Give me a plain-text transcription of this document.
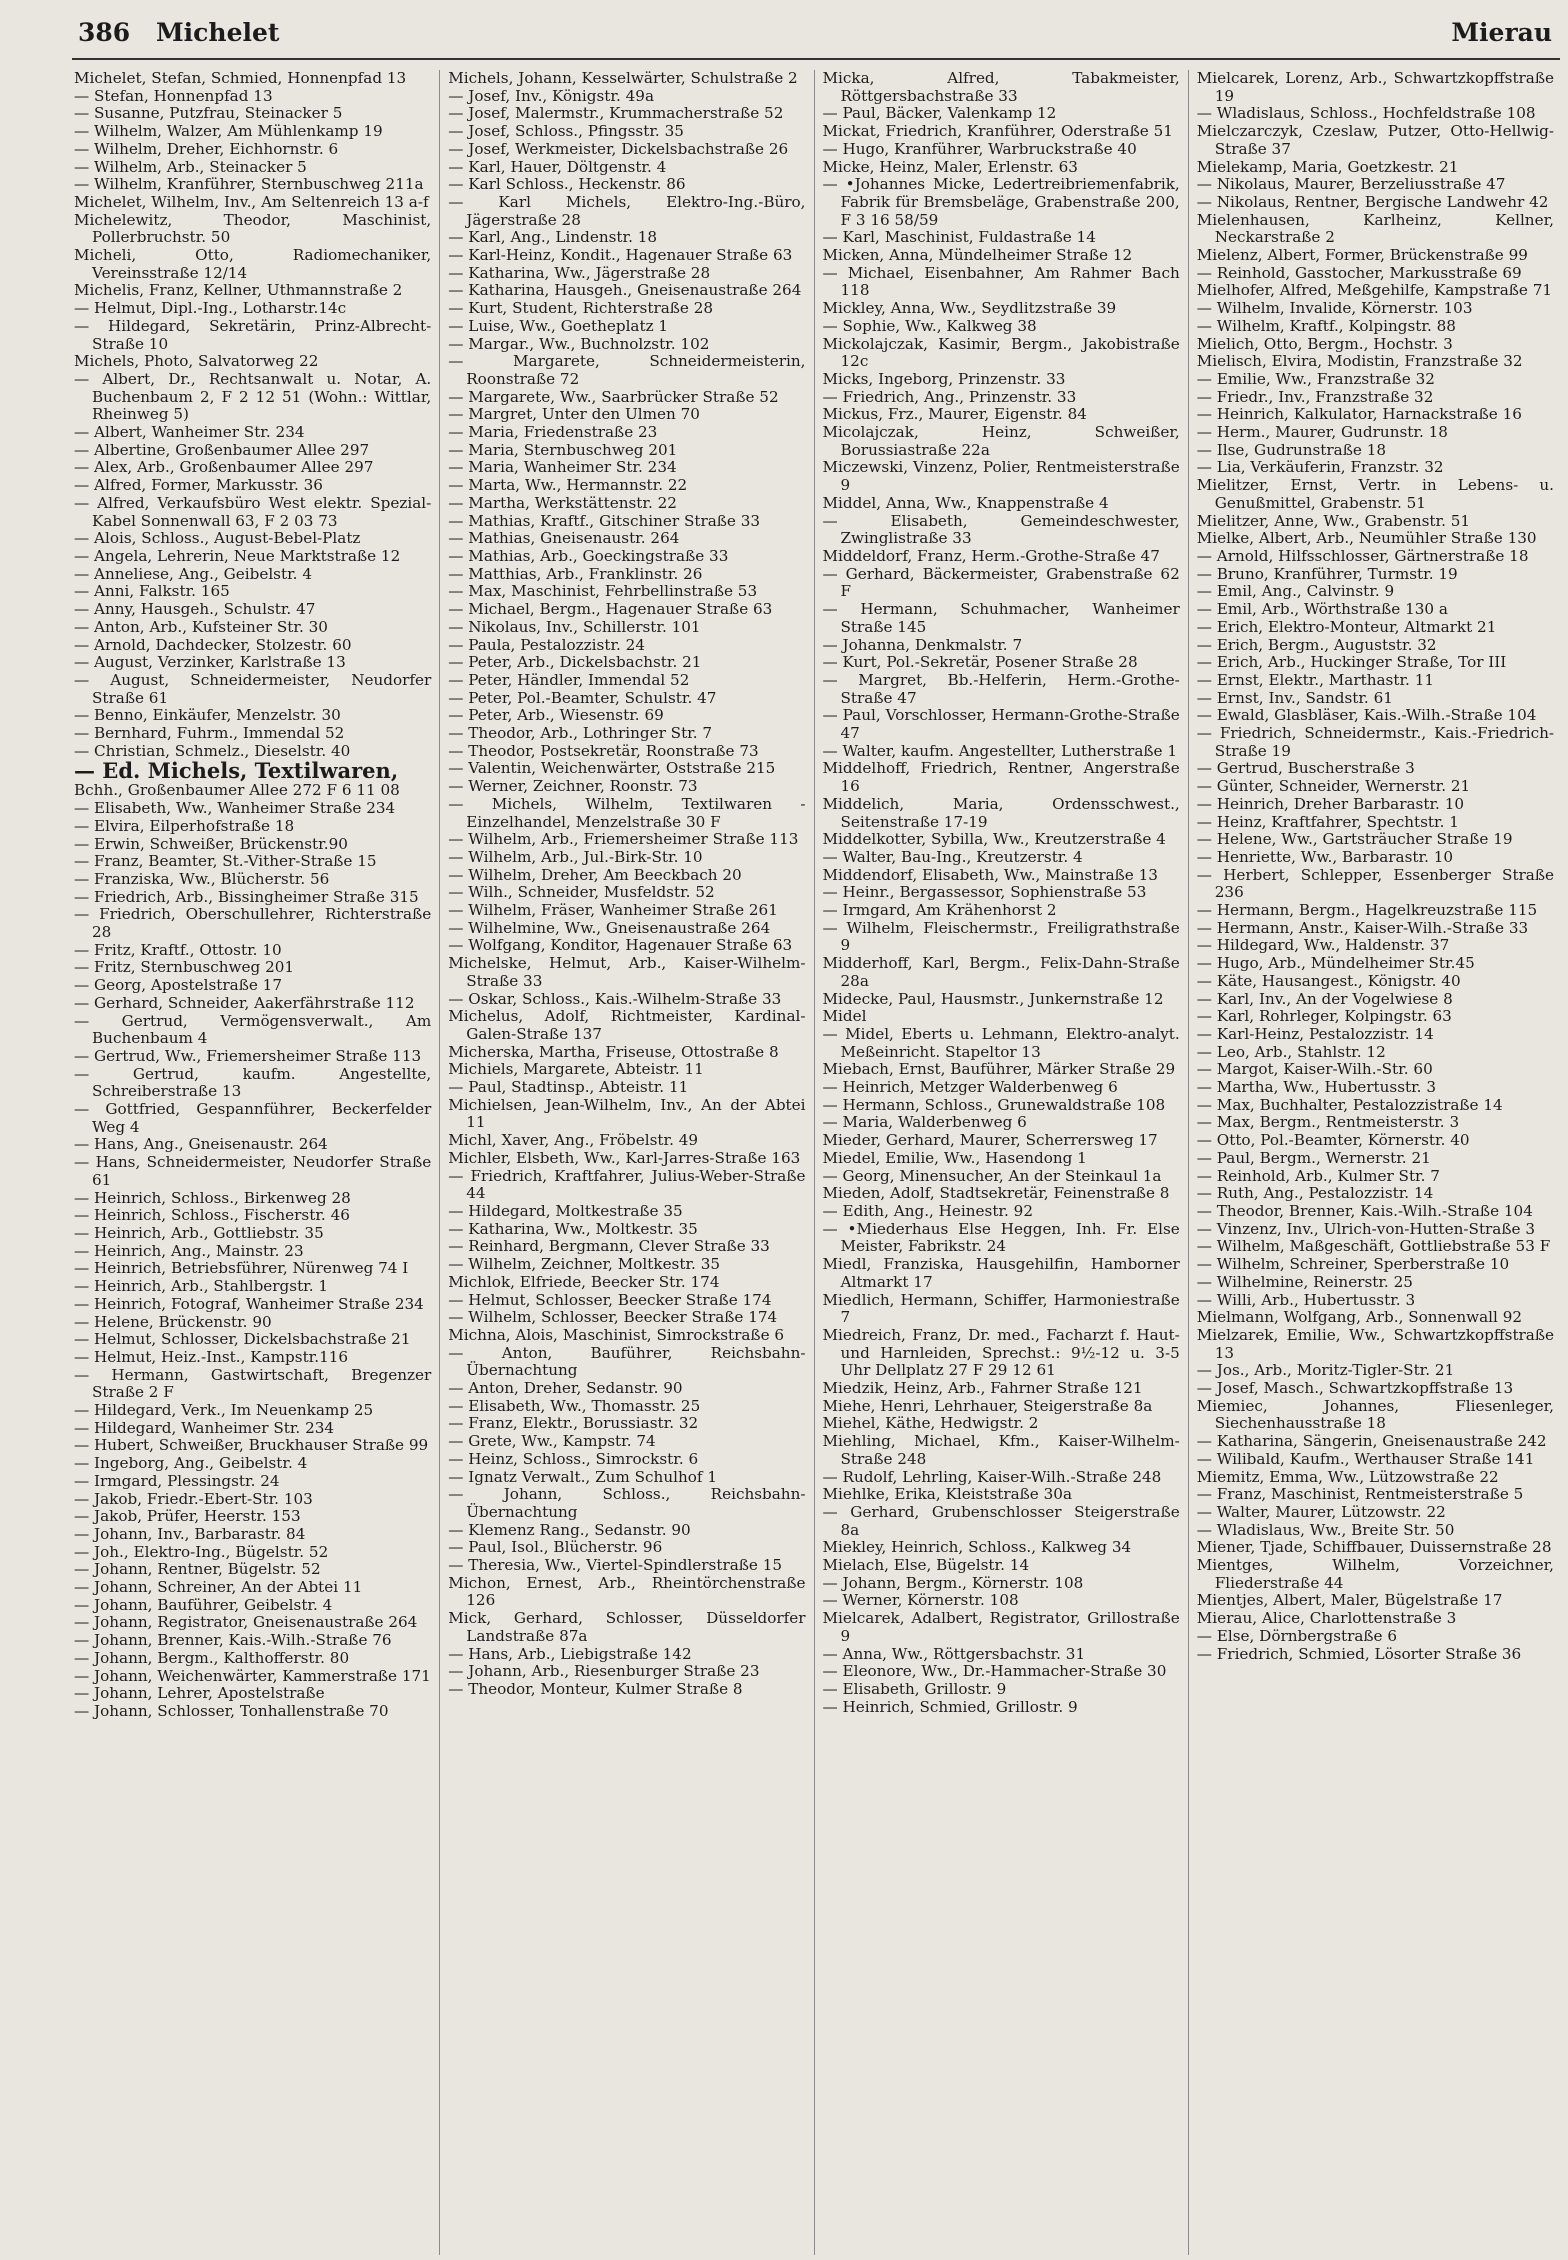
386 Michelet	Mierau
Michelet, Stefan, Schmied, Honnenpfad 13
— Stefan, Honnenpfad 13
— Susanne, Putzfrau, Steinacker 5
— Wilhelm, Walzer, Am Mühlenkamp 19
— Wilhelm, Dreher, Eichhornstr. 6
— Wilhelm, Arb., Steinacker 5
— Wilhelm, Kranführer, Sternbuschweg 211a
Michelet, Wilhelm, Inv., Am Seltenreich 13 a-f
Michelewitz, Theodor, Maschinist, Pollerbruchstr. 50
Micheli, Otto, Radiomechaniker, Vereinsstraße 12/14
Michelis, Franz, Kellner, Uthmannstraße 2
— Helmut, Dipl.-Ing., Lotharstr.14c
— Hildegard, Sekretärin, Prinz-Albrecht-Straße 10
Michels, Photo, Salvatorweg 22
— Albert, Dr., Rechtsanwalt u. Notar, A. Buchenbaum 2, F 2 12 51 (Wohn.: Wittlar, Rheinweg 5)
— Albert, Wanheimer Str. 234
— Albertine, Großenbaumer Allee 297
— Alex, Arb., Großenbaumer Allee 297
— Alfred, Former, Markusstr. 36
— Alfred, Verkaufsbüro West elektr. Spezial-Kabel Sonnenwall 63, F 2 03 73
— Alois, Schloss., August-Bebel-Platz
— Angela, Lehrerin, Neue Marktstraße 12
— Anneliese, Ang., Geibelstr. 4
— Anni, Falkstr. 165
— Anny, Hausgeh., Schulstr. 47
— Anton, Arb., Kufsteiner Str. 30
— Arnold, Dachdecker, Stolzestr. 60
— August, Verzinker, Karlstraße 13
— August, Schneidermeister, Neudorfer Straße 61
— Benno, Einkäufer, Menzelstr. 30
— Bernhard, Fuhrm., Immendal 52
— Christian, Schmelz., Dieselstr. 40
— Ed. Michels, Textilwaren,
Bchh., Großenbaumer Allee 272 F 6 11 08
— Elisabeth, Ww., Wanheimer Straße 234
— Elvira, Eilperhofstraße 18
— Erwin, Schweißer, Brückenstr.90
— Franz, Beamter, St.-Vither-Straße 15
— Franziska, Ww., Blücherstr. 56
— Friedrich, Arb., Bissingheimer Straße 315
— Friedrich, Oberschullehrer, Richterstraße 28
— Fritz, Kraftf., Ottostr. 10
— Fritz, Sternbuschweg 201
— Georg, Apostelstraße 17
— Gerhard, Schneider, Aakerfährstraße 112
— Gertrud, Vermögensverwalt., Am Buchenbaum 4
— Gertrud, Ww., Friemersheimer Straße 113
— Gertrud, kaufm. Angestellte, Schreiberstraße 13
— Gottfried, Gespannführer, Beckerfelder Weg 4
— Hans, Ang., Gneisenaustr. 264
— Hans, Schneidermeister, Neudorfer Straße 61
— Heinrich, Schloss., Birkenweg 28
— Heinrich, Schloss., Fischerstr. 46
— Heinrich, Arb., Gottliebstr. 35
— Heinrich, Ang., Mainstr. 23
— Heinrich, Betriebsführer, Nürenweg 74 I
— Heinrich, Arb., Stahlbergstr. 1
— Heinrich, Fotograf, Wanheimer Straße 234
— Helene, Brückenstr. 90
— Helmut, Schlosser, Dickelsbachstraße 21
— Helmut, Heiz.-Inst., Kampstr.116
— Hermann, Gastwirtschaft, Bregenzer Straße 2 F
— Hildegard, Verk., Im Neuenkamp 25
— Hildegard, Wanheimer Str. 234
— Hubert, Schweißer, Bruckhauser Straße 99
— Ingeborg, Ang., Geibelstr. 4
— Irmgard, Plessingstr. 24
— Jakob, Friedr.-Ebert-Str. 103
— Jakob, Prüfer, Heerstr. 153
— Johann, Inv., Barbarastr. 84
— Joh., Elektro-Ing., Bügelstr. 52
— Johann, Rentner, Bügelstr. 52
— Johann, Schreiner, An der Abtei 11
— Johann, Bauführer, Geibelstr. 4
— Johann, Registrator, Gneisenaustraße 264
— Johann, Brenner, Kais.-Wilh.-Straße 76
— Johann, Bergm., Kalthofferstr. 80
— Johann, Weichenwärter, Kammerstraße 171
— Johann, Lehrer, Apostelstraße
— Johann, Schlosser, Tonhallenstraße 70
Michels, Johann, Kesselwärter, Schulstraße 2
— Josef, Inv., Königstr. 49a
— Josef, Malermstr., Krummacherstraße 52
— Josef, Schloss., Pfingsstr. 35
— Josef, Werkmeister, Dickelsbachstraße 26
— Karl, Hauer, Döltgenstr. 4
— Karl Schloss., Heckenstr. 86
— Karl Michels, Elektro-Ing.-Büro, Jägerstraße 28
— Karl, Ang., Lindenstr. 18
— Karl-Heinz, Kondit., Hagenauer Straße 63
— Katharina, Ww., Jägerstraße 28
— Katharina, Hausgeh., Gneisenaustraße 264
— Kurt, Student, Richterstraße 28
— Luise, Ww., Goetheplatz 1
— Margar., Ww., Buchnolzstr. 102
— Margarete, Schneidermeisterin, Roonstraße 72
— Margarete, Ww., Saarbrücker Straße 52
— Margret, Unter den Ulmen 70
— Maria, Friedenstraße 23
— Maria, Sternbuschweg 201
— Maria, Wanheimer Str. 234
— Marta, Ww., Hermannstr. 22
— Martha, Werkstättenstr. 22
— Mathias, Kraftf., Gitschiner Straße 33
— Mathias, Gneisenaustr. 264
— Mathias, Arb., Goeckingstraße 33
— Matthias, Arb., Franklinstr. 26
— Max, Maschinist, Fehrbellinstraße 53
— Michael, Bergm., Hagenauer Straße 63
— Nikolaus, Inv., Schillerstr. 101
— Paula, Pestalozzistr. 24
— Peter, Arb., Dickelsbachstr. 21
— Peter, Händler, Immendal 52
— Peter, Pol.-Beamter, Schulstr. 47
— Peter, Arb., Wiesenstr. 69
— Theodor, Arb., Lothringer Str. 7
— Theodor, Postsekretär, Roonstraße 73
— Valentin, Weichenwärter, Oststraße 215
— Werner, Zeichner, Roonstr. 73
— Michels, Wilhelm, Textilwaren - Einzelhandel, Menzelstraße 30 F
— Wilhelm, Arb., Friemersheimer Straße 113
— Wilhelm, Arb., Jul.-Birk-Str. 10
— Wilhelm, Dreher, Am Beeckbach 20
— Wilh., Schneider, Musfeldstr. 52
— Wilhelm, Fräser, Wanheimer Straße 261
— Wilhelmine, Ww., Gneisenaustraße 264
— Wolfgang, Konditor, Hagenauer Straße 63
Michelske, Helmut, Arb., Kaiser-Wilhelm-Straße 33
— Oskar, Schloss., Kais.-Wilhelm-Straße 33
Michelus, Adolf, Richtmeister, Kardinal-Galen-Straße 137
Micherska, Martha, Friseuse, Ottostraße 8
Michiels, Margarete, Abteistr. 11
— Paul, Stadtinsp., Abteistr. 11
Michielsen, Jean-Wilhelm, Inv., An der Abtei 11
Michl, Xaver, Ang., Fröbelstr. 49
Michler, Elsbeth, Ww., Karl-Jarres-Straße 163
— Friedrich, Kraftfahrer, Julius-Weber-Straße 44
— Hildegard, Moltkestraße 35
— Katharina, Ww., Moltkestr. 35
— Reinhard, Bergmann, Clever Straße 33
— Wilhelm, Zeichner, Moltkestr. 35
Michlok, Elfriede, Beecker Str. 174
— Helmut, Schlosser, Beecker Straße 174
— Wilhelm, Schlosser, Beecker Straße 174
Michna, Alois, Maschinist, Simrockstraße 6
— Anton, Bauführer, Reichsbahn-Übernachtung
— Anton, Dreher, Sedanstr. 90
— Elisabeth, Ww., Thomasstr. 25
— Franz, Elektr., Borussiastr. 32
— Grete, Ww., Kampstr. 74
— Heinz, Schloss., Simrockstr. 6
— Ignatz Verwalt., Zum Schulhof 1
— Johann, Schloss., Reichsbahn-Übernachtung
— Klemenz Rang., Sedanstr. 90
— Paul, Isol., Blücherstr. 96
— Theresia, Ww., Viertel-Spindlerstraße 15
Michon, Ernest, Arb., Rheintörchenstraße 126
Mick, Gerhard, Schlosser, Düsseldorfer Landstraße 87a
— Hans, Arb., Liebigstraße 142
— Johann, Arb., Riesenburger Straße 23
— Theodor, Monteur, Kulmer Straße 8
Micka, Alfred, Tabakmeister, Röttgersbachstraße 33
— Paul, Bäcker, Valenkamp 12
Mickat, Friedrich, Kranführer, Oderstraße 51
— Hugo, Kranführer, Warbruckstraße 40
Micke, Heinz, Maler, Erlenstr. 63
— •Johannes Micke, Ledertreibriemenfabrik, Fabrik für Bremsbeläge, Grabenstraße 200, F 3 16 58/59
— Karl, Maschinist, Fuldastraße 14
Micken, Anna, Mündelheimer Straße 12
— Michael, Eisenbahner, Am Rahmer Bach 118
Mickley, Anna, Ww., Seydlitzstraße 39
— Sophie, Ww., Kalkweg 38
Mickolajczak, Kasimir, Bergm., Jakobistraße 12c
Micks, Ingeborg, Prinzenstr. 33
— Friedrich, Ang., Prinzenstr. 33
Mickus, Frz., Maurer, Eigenstr. 84
Micolajczak, Heinz, Schweißer, Borussiastraße 22a
Miczewski, Vinzenz, Polier, Rentmeisterstraße 9
Middel, Anna, Ww., Knappenstraße 4
— Elisabeth, Gemeindeschwester, Zwinglistraße 33
Middeldorf, Franz, Herm.-Grothe-Straße 47
— Gerhard, Bäckermeister, Grabenstraße 62 F
— Hermann, Schuhmacher, Wanheimer Straße 145
— Johanna, Denkmalstr. 7
— Kurt, Pol.-Sekretär, Posener Straße 28
— Margret, Bb.-Helferin, Herm.-Grothe-Straße 47
— Paul, Vorschlosser, Hermann-Grothe-Straße 47
— Walter, kaufm. Angestellter, Lutherstraße 1
Middelhoff, Friedrich, Rentner, Angerstraße 16
Middelich, Maria, Ordensschwest., Seitenstraße 17-19
Middelkotter, Sybilla, Ww., Kreutzerstraße 4
— Walter, Bau-Ing., Kreutzerstr. 4
Middendorf, Elisabeth, Ww., Mainstraße 13
— Heinr., Bergassessor, Sophienstraße 53
— Irmgard, Am Krähenhorst 2
— Wilhelm, Fleischermstr., Freiligrathstraße 9
Midderhoff, Karl, Bergm., Felix-Dahn-Straße 28a
Midecke, Paul, Hausmstr., Junkernstraße 12
Midel
— Midel, Eberts u. Lehmann, Elektro-analyt. Meßeinricht. Stapeltor 13
Miebach, Ernst, Bauführer, Märker Straße 29
— Heinrich, Metzger Walderbenweg 6
— Hermann, Schloss., Grunewaldstraße 108
— Maria, Walderbenweg 6
Mieder, Gerhard, Maurer, Scherrersweg 17
Miedel, Emilie, Ww., Hasendong 1
— Georg, Minensucher, An der Steinkaul 1a
Mieden, Adolf, Stadtsekretär, Feinenstraße 8
— Edith, Ang., Heinestr. 92
— •Miederhaus Else Heggen, Inh. Fr. Else Meister, Fabrikstr. 24
Miedl, Franziska, Hausgehilfin, Hamborner Altmarkt 17
Miedlich, Hermann, Schiffer, Harmoniestraße 7
Miedreich, Franz, Dr. med., Facharzt f. Haut- und Harnleiden, Sprechst.: 9½-12 u. 3-5 Uhr Dellplatz 27 F 29 12 61
Miedzik, Heinz, Arb., Fahrner Straße 121
Miehe, Henri, Lehrhauer, Steigerstraße 8a
Miehel, Käthe, Hedwigstr. 2
Miehling, Michael, Kfm., Kaiser-Wilhelm-Straße 248
— Rudolf, Lehrling, Kaiser-Wilh.-Straße 248
Miehlke, Erika, Kleiststraße 30a
— Gerhard, Grubenschlosser Steigerstraße 8a
Miekley, Heinrich, Schloss., Kalkweg 34
Mielach, Else, Bügelstr. 14
— Johann, Bergm., Körnerstr. 108
— Werner, Körnerstr. 108
Mielcarek, Adalbert, Registrator, Grillostraße 9
— Anna, Ww., Röttgersbachstr. 31
— Eleonore, Ww., Dr.-Hammacher-Straße 30
— Elisabeth, Grillostr. 9
— Heinrich, Schmied, Grillostr. 9
Mielcarek, Lorenz, Arb., Schwartzkopffstraße 19
— Wladislaus, Schloss., Hochfeldstraße 108
Mielczarczyk, Czeslaw, Putzer, Otto-Hellwig-Straße 37
Mielekamp, Maria, Goetzkestr. 21
— Nikolaus, Maurer, Berzeliusstraße 47
— Nikolaus, Rentner, Bergische Landwehr 42
Mielenhausen, Karlheinz, Kellner, Neckarstraße 2
Mielenz, Albert, Former, Brückenstraße 99
— Reinhold, Gasstocher, Markusstraße 69
Mielhofer, Alfred, Meßgehilfe, Kampstraße 71
— Wilhelm, Invalide, Körnerstr. 103
— Wilhelm, Kraftf., Kolpingstr. 88
Mielich, Otto, Bergm., Hochstr. 3
Mielisch, Elvira, Modistin, Franzstraße 32
— Emilie, Ww., Franzstraße 32
— Friedr., Inv., Franzstraße 32
— Heinrich, Kalkulator, Harnackstraße 16
— Herm., Maurer, Gudrunstr. 18
— Ilse, Gudrunstraße 18
— Lia, Verkäuferin, Franzstr. 32
Mielitzer, Ernst, Vertr. in Lebens- u. Genußmittel, Grabenstr. 51
Mielitzer, Anne, Ww., Grabenstr. 51
Mielke, Albert, Arb., Neumühler Straße 130
— Arnold, Hilfsschlosser, Gärtnerstraße 18
— Bruno, Kranführer, Turmstr. 19
— Emil, Ang., Calvinstr. 9
— Emil, Arb., Wörthstraße 130 a
— Erich, Elektro-Monteur, Altmarkt 21
— Erich, Bergm., Auguststr. 32
— Erich, Arb., Huckinger Straße, Tor III
— Ernst, Elektr., Marthastr. 11
— Ernst, Inv., Sandstr. 61
— Ewald, Glasbläser, Kais.-Wilh.-Straße 104
— Friedrich, Schneidermstr., Kais.-Friedrich-Straße 19
— Gertrud, Buscherstraße 3
— Günter, Schneider, Wernerstr. 21
— Heinrich, Dreher Barbarastr. 10
— Heinz, Kraftfahrer, Spechtstr. 1
— Helene, Ww., Gartsträucher Straße 19
— Henriette, Ww., Barbarastr. 10
— Herbert, Schlepper, Essenberger Straße 236
— Hermann, Bergm., Hagelkreuzstraße 115
— Hermann, Anstr., Kaiser-Wilh.-Straße 33
— Hildegard, Ww., Haldenstr. 37
— Hugo, Arb., Mündelheimer Str.45
— Käte, Hausangest., Königstr. 40
— Karl, Inv., An der Vogelwiese 8
— Karl, Rohrleger, Kolpingstr. 63
— Karl-Heinz, Pestalozzistr. 14
— Leo, Arb., Stahlstr. 12
— Margot, Kaiser-Wilh.-Str. 60
— Martha, Ww., Hubertusstr. 3
— Max, Buchhalter, Pestalozzistraße 14
— Max, Bergm., Rentmeisterstr. 3
— Otto, Pol.-Beamter, Körnerstr. 40
— Paul, Bergm., Wernerstr. 21
— Reinhold, Arb., Kulmer Str. 7
— Ruth, Ang., Pestalozzistr. 14
— Theodor, Brenner, Kais.-Wilh.-Straße 104
— Vinzenz, Inv., Ulrich-von-Hutten-Straße 3
— Wilhelm, Maßgeschäft, Gottliebstraße 53 F
— Wilhelm, Schreiner, Sperberstraße 10
— Wilhelmine, Reinerstr. 25
— Willi, Arb., Hubertusstr. 3
Mielmann, Wolfgang, Arb., Sonnenwall 92
Mielzarek, Emilie, Ww., Schwartzkopffstraße 13
— Jos., Arb., Moritz-Tigler-Str. 21
— Josef, Masch., Schwartzkopffstraße 13
Miemiec, Johannes, Fliesenleger, Siechenhausstraße 18
— Katharina, Sängerin, Gneisenaustraße 242
— Wilibald, Kaufm., Werthauser Straße 141
Miemitz, Emma, Ww., Lützowstraße 22
— Franz, Maschinist, Rentmeisterstraße 5
— Walter, Maurer, Lützowstr. 22
— Wladislaus, Ww., Breite Str. 50
Miener, Tjade, Schiffbauer, Duissernstraße 28
Mientges, Wilhelm, Vorzeichner, Fliederstraße 44
Mientjes, Albert, Maler, Bügelstraße 17
Mierau, Alice, Charlottenstraße 3
— Else, Dörnbergstraße 6
— Friedrich, Schmied, Lösorter Straße 36
